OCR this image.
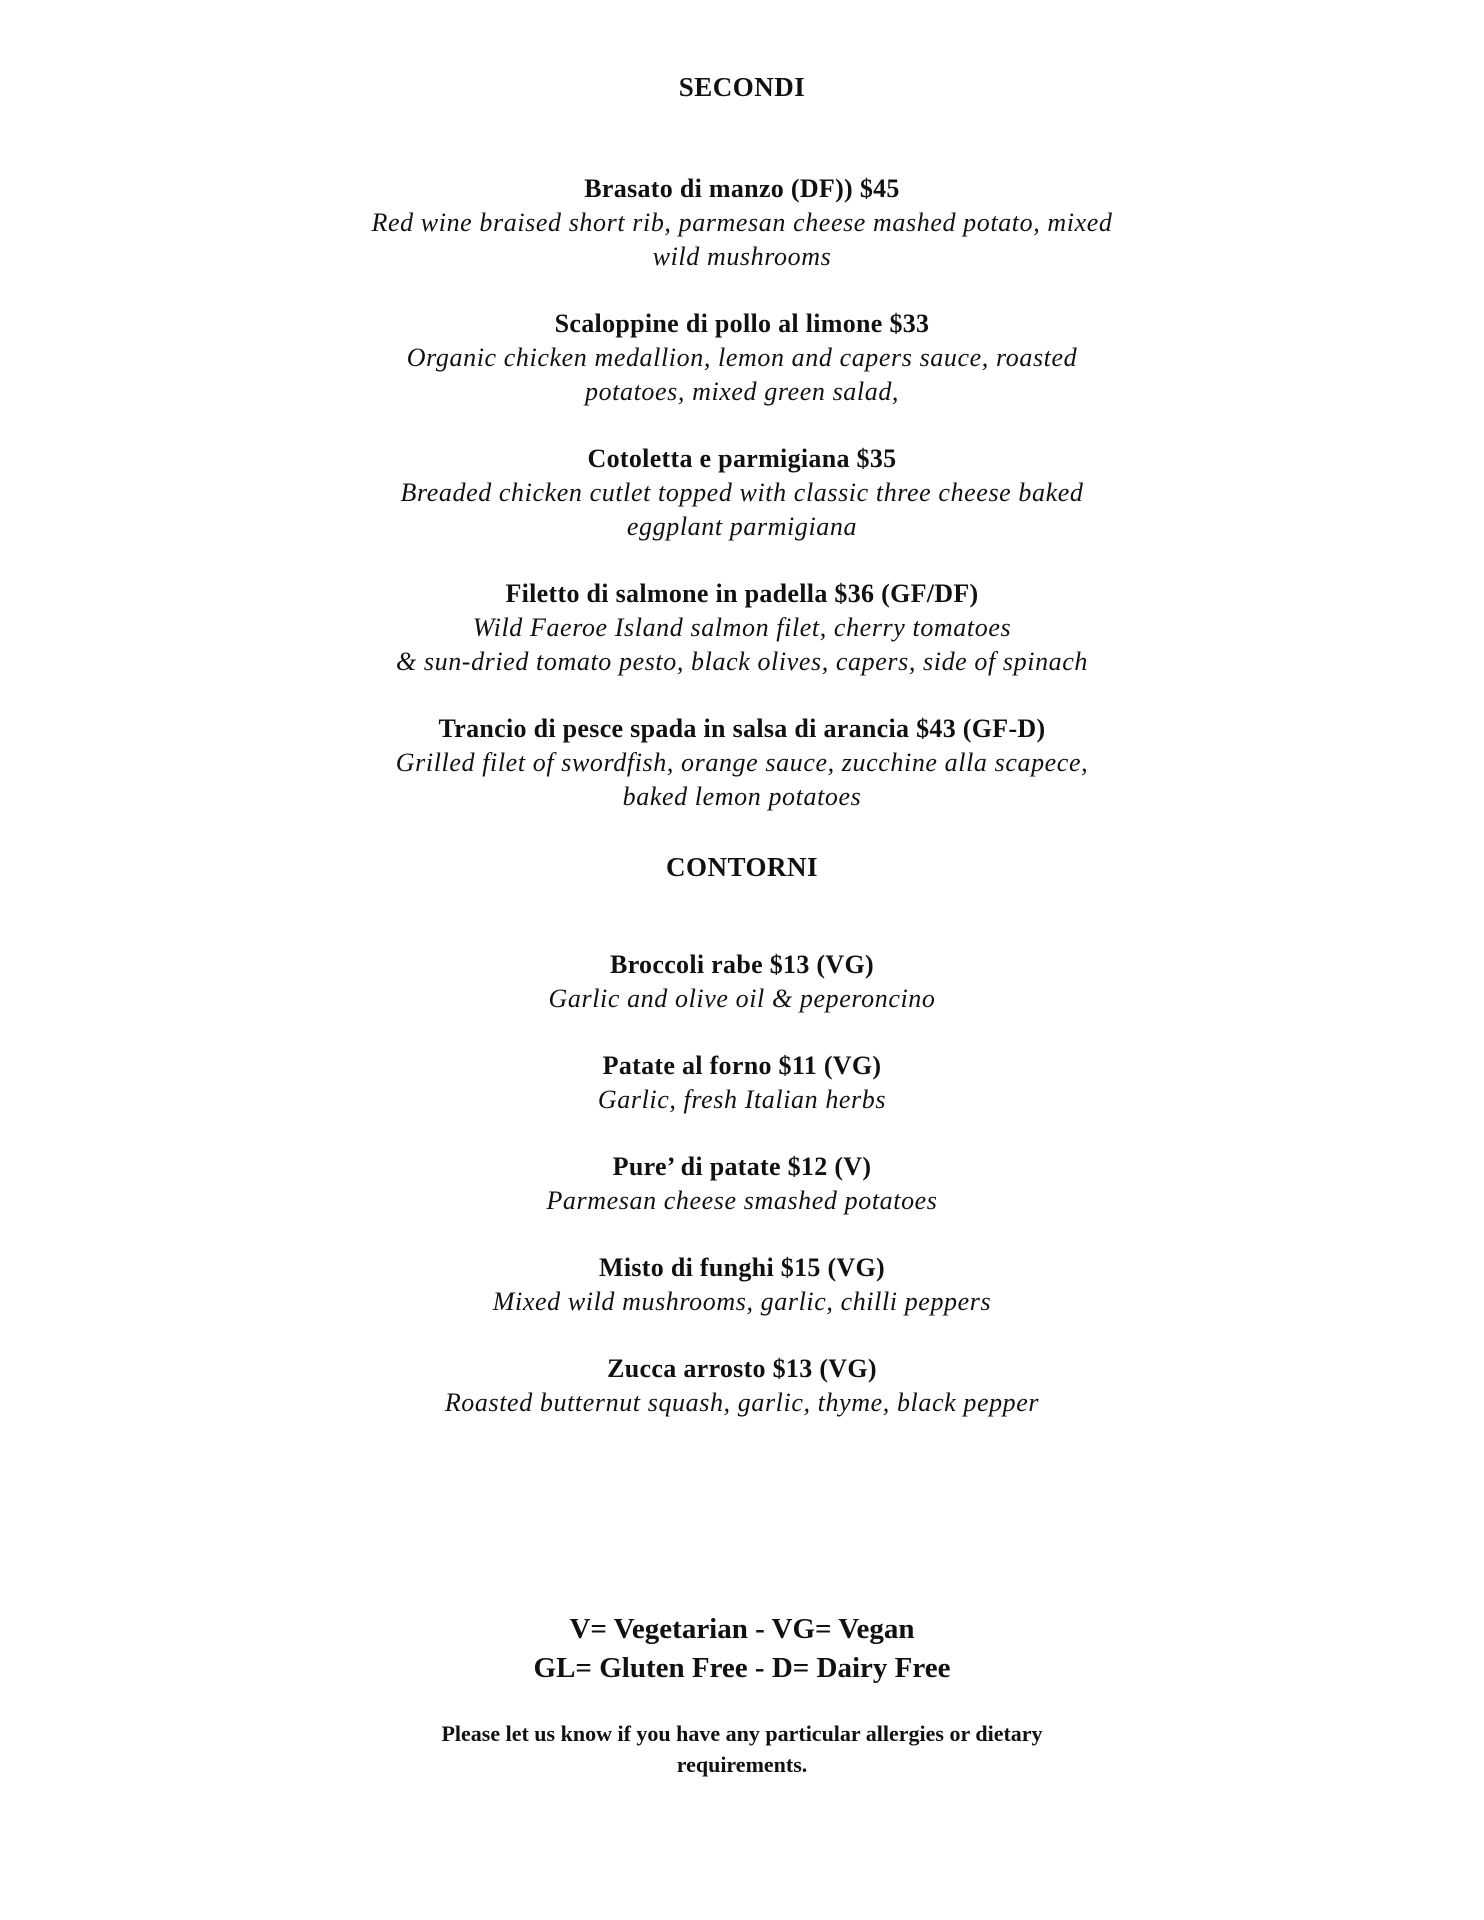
SECONDI
Brasato di manzo (DF)) $45
Red wine braised short rib, parmesan cheese mashed potato, mixed
wild mushrooms
Scaloppine di pollo al limone $33
Organic chicken medallion, lemon and capers sauce, roasted
potatoes, mixed green salad,
Cotoletta e parmigiana $35
Breaded chicken cutlet topped with classic three cheese baked
eggplant parmigiana
Filetto di salmone in padella $36 (GF/DF)
Wild Faeroe Island salmon filet, cherry tomatoes
& sun-dried tomato pesto, black olives, capers, side of spinach
Trancio di pesce spada in salsa di arancia $43 (GF-D)
Grilled filet of swordfish, orange sauce, zucchine alla scapece,
baked lemon potatoes
CONTORNI
Broccoli rabe $13 (VG)
Garlic and olive oil & peperoncino
Patate al forno $11 (VG)
Garlic, fresh Italian herbs
Pure’ di patate $12 (V)
Parmesan cheese smashed potatoes
Misto di funghi $15 (VG)
Mixed wild mushrooms, garlic, chilli peppers
Zucca arrosto $13 (VG)
Roasted butternut squash, garlic, thyme, black pepper
V= Vegetarian - VG= Vegan
GL= Gluten Free - D= Dairy Free
Please let us know if you have any particular allergies or dietary
requirements.
